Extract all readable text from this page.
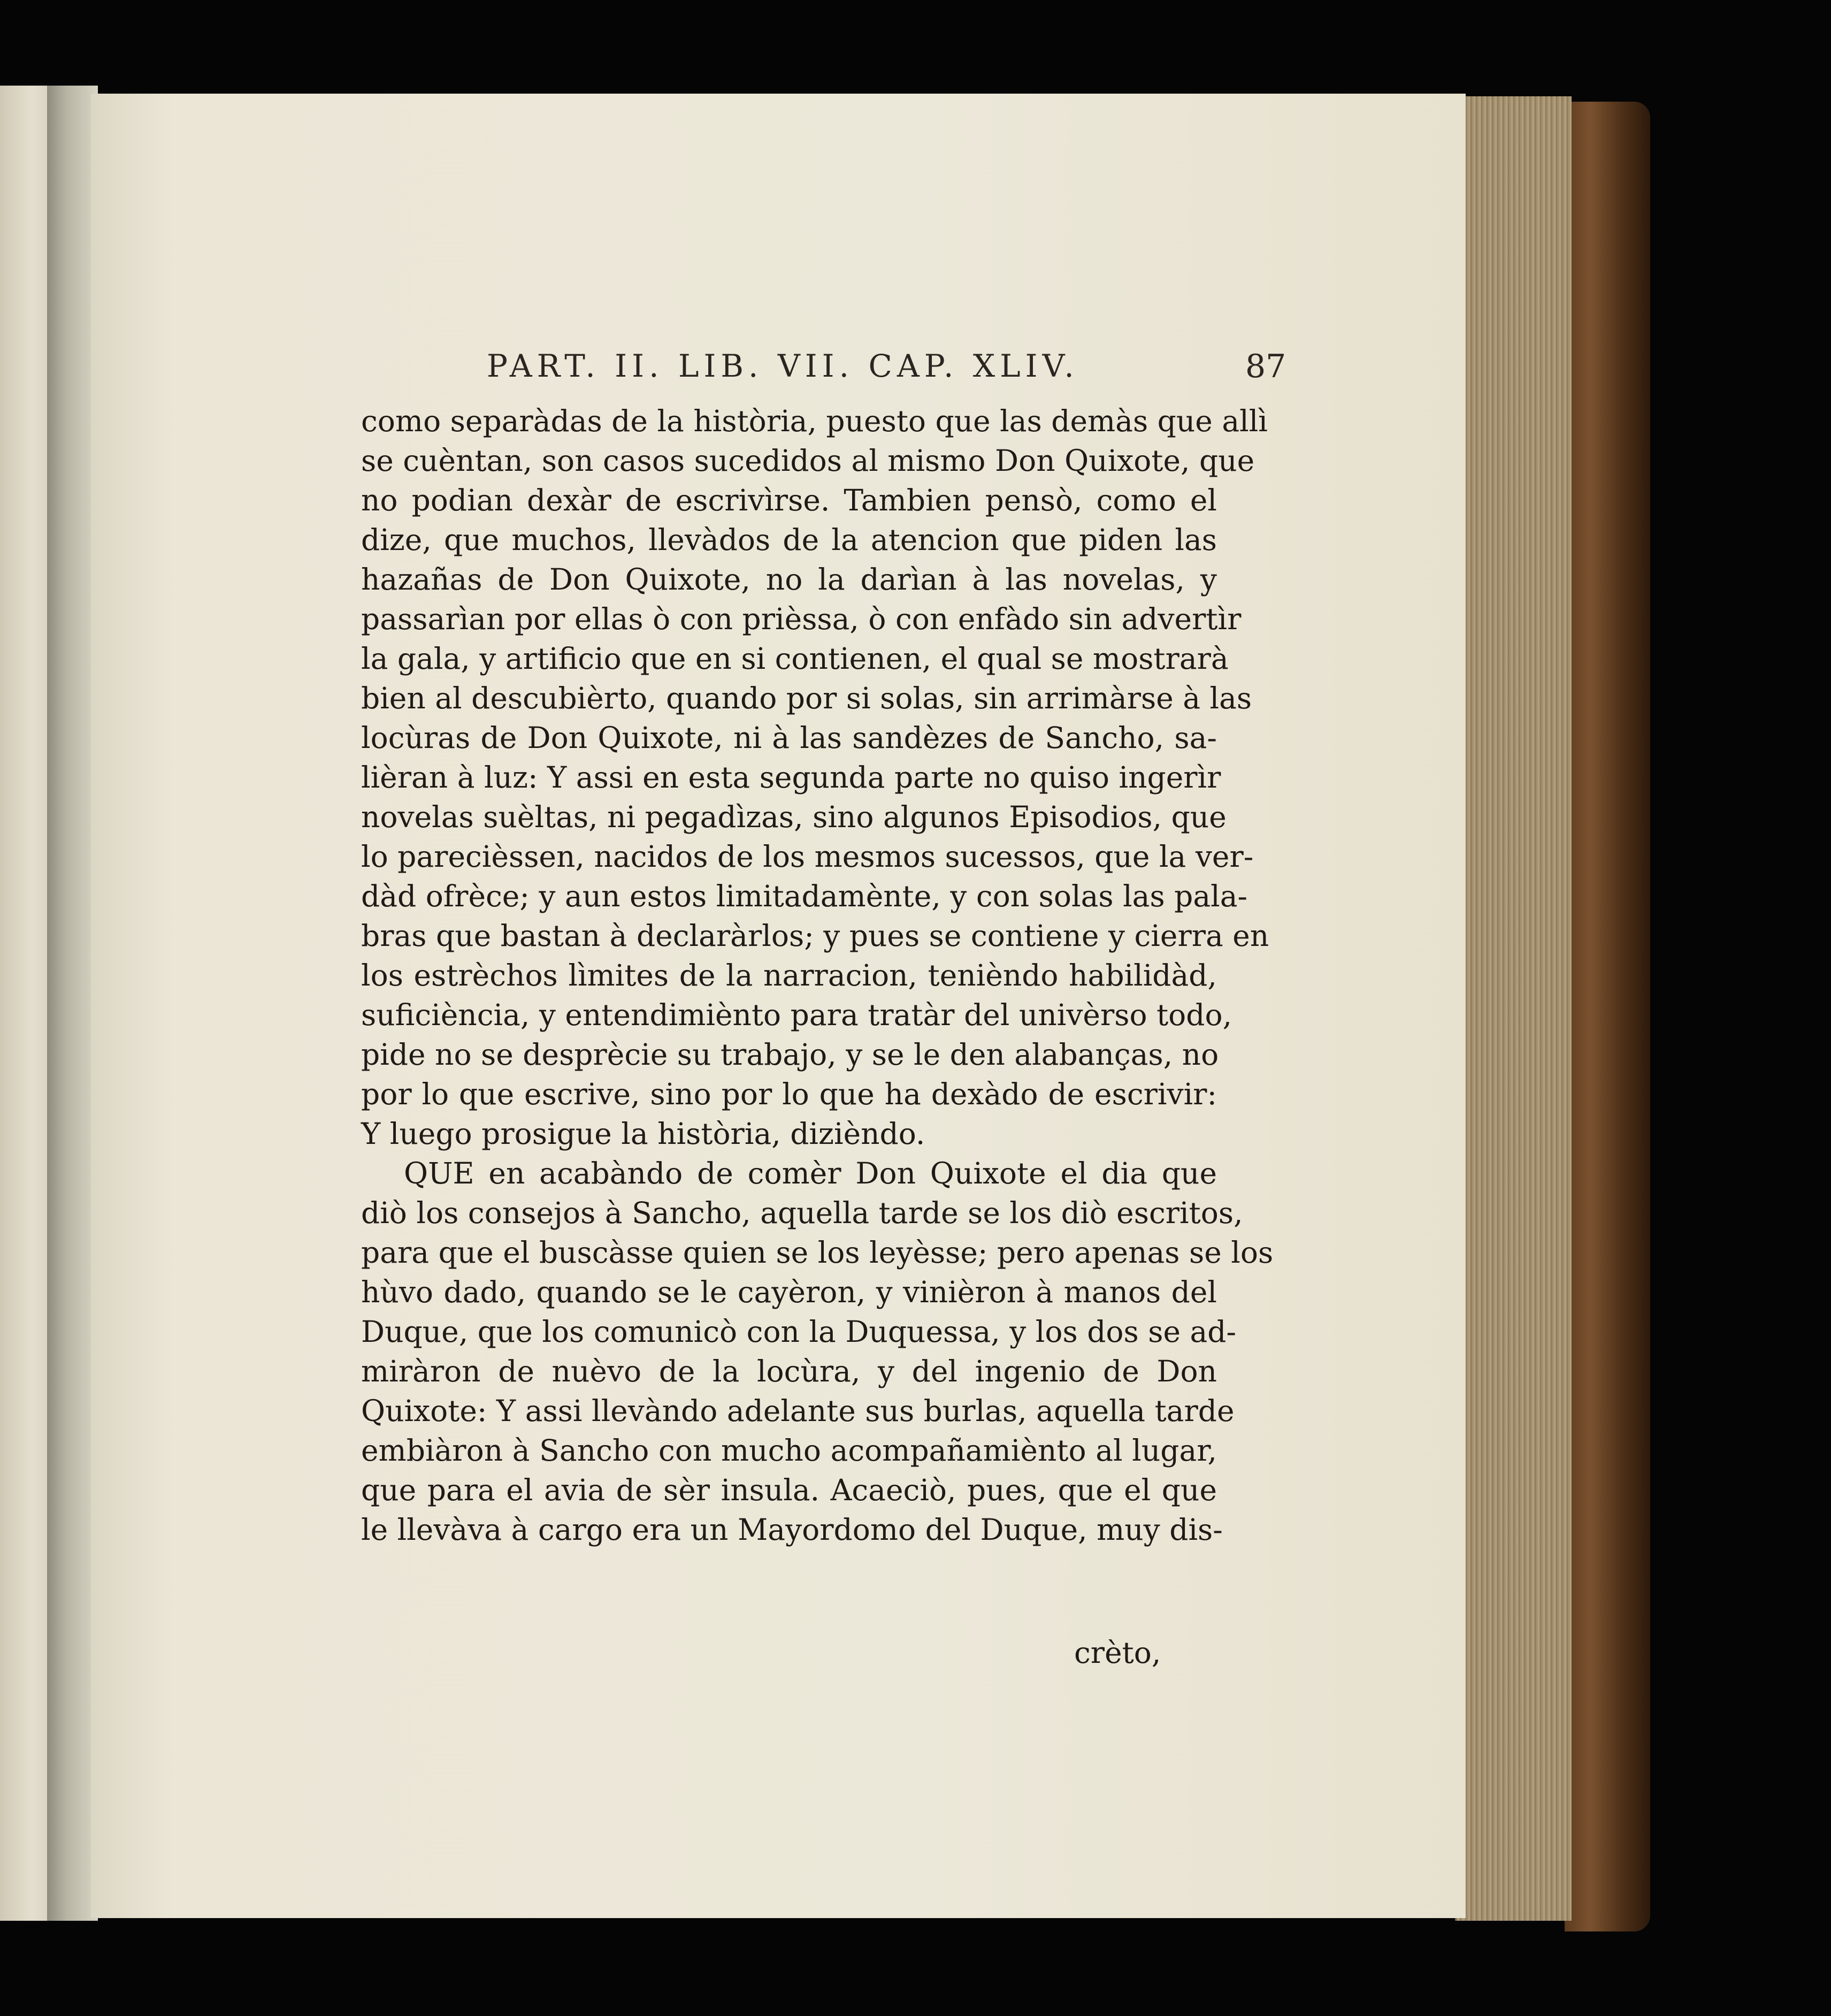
PART. II. LIB. VII. CAP. XLIV.	87
como separàdas de la història, puesto que las demàs que allì
se cuèntan, son casos sucedidos al mismo Don Quixote, que
no podian dexàr de escrivìrse. Tambien pensò, como el
dize, que muchos, llevàdos de la atencion que piden las
hazañas de Don Quixote, no la darìan à las novelas, y
passarìan por ellas ò con prièssa, ò con enfàdo sin advertìr
la gala, y artificio que en si contienen, el qual se mostrarà
bien al descubièrto, quando por si solas, sin arrimàrse à las
locùras de Don Quixote, ni à las sandèzes de Sancho, sa-
lièran à luz: Y assi en esta segunda parte no quiso ingerìr
novelas suèltas, ni pegadìzas, sino algunos Episodios, que
lo parecièssen, nacidos de los mesmos sucessos, que la ver-
dàd ofrèce; y aun estos limitadamènte, y con solas las pala-
bras que bastan à declaràrlos; y pues se contiene y cierra en
los estrèchos lìmites de la narracion, tenièndo habilidàd,
suficiència, y entendimiènto para tratàr del univèrso todo,
pide no se desprècie su trabajo, y se le den alabanças, no
por lo que escrive, sino por lo que ha dexàdo de escrivir:
Y luego prosigue la història, dizièndo.
QUE en acabàndo de comèr Don Quixote el dia que
diò los consejos à Sancho, aquella tarde se los diò escritos,
para que el buscàsse quien se los leyèsse; pero apenas se los
hùvo dado, quando se le cayèron, y vinièron à manos del
Duque, que los comunicò con la Duquessa, y los dos se ad-
miràron de nuèvo de la locùra, y del ingenio de Don
Quixote: Y assi llevàndo adelante sus burlas, aquella tarde
embiàron à Sancho con mucho acompañamiènto al lugar,
que para el avia de sèr insula. Acaeciò, pues, que el que
le llevàva à cargo era un Mayordomo del Duque, muy dis-
crèto,
